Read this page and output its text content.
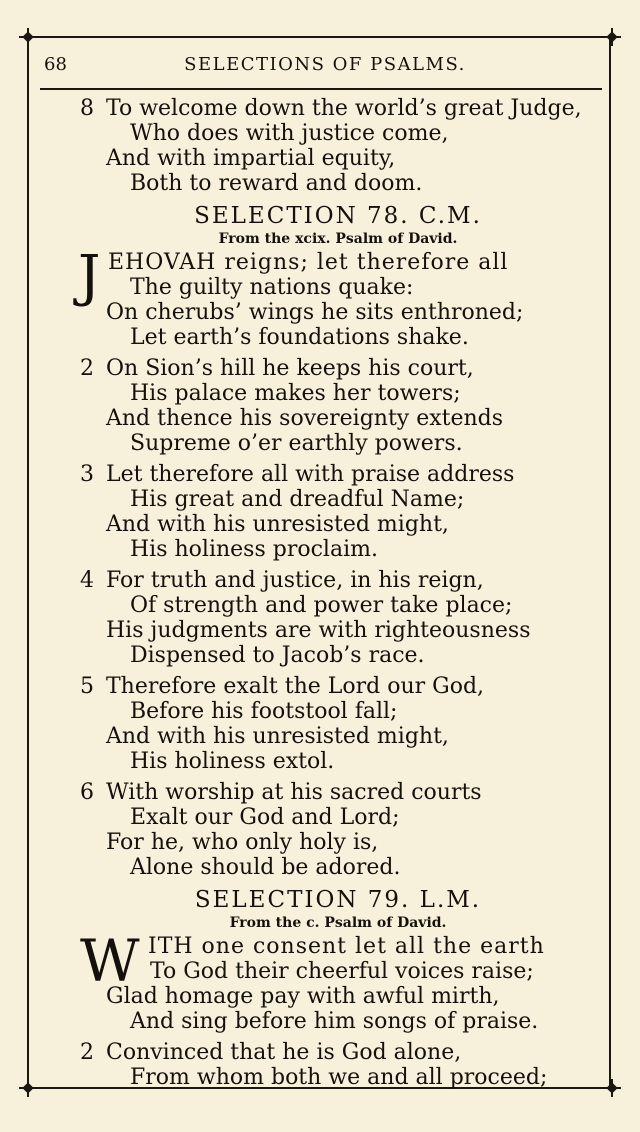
68	SELECTIONS OF PSALMS.
8 To welcome down the world’s great Judge,
Who does with justice come,
And with impartial equity,
Both to reward and doom.
SELECTION 78. C.M.
From the xcix. Psalm of David.
J EHOVAH reigns; let therefore all
The guilty nations quake:
On cherubs’ wings he sits enthroned;
Let earth’s foundations shake.
2 On Sion’s hill he keeps his court,
His palace makes her towers;
And thence his sovereignty extends
Supreme o’er earthly powers.
3 Let therefore all with praise address
His great and dreadful Name;
And with his unresisted might,
His holiness proclaim.
4 For truth and justice, in his reign,
Of strength and power take place;
His judgments are with righteousness
Dispensed to Jacob’s race.
5 Therefore exalt the Lord our God,
Before his footstool fall;
And with his unresisted might,
His holiness extol.
6 With worship at his sacred courts
Exalt our God and Lord;
For he, who only holy is,
Alone should be adored.
SELECTION 79. L.M.
From the c. Psalm of David.
W ITH one consent let all the earth
To God their cheerful voices raise;
Glad homage pay with awful mirth,
And sing before him songs of praise.
2 Convinced that he is God alone,
From whom both we and all proceed;
